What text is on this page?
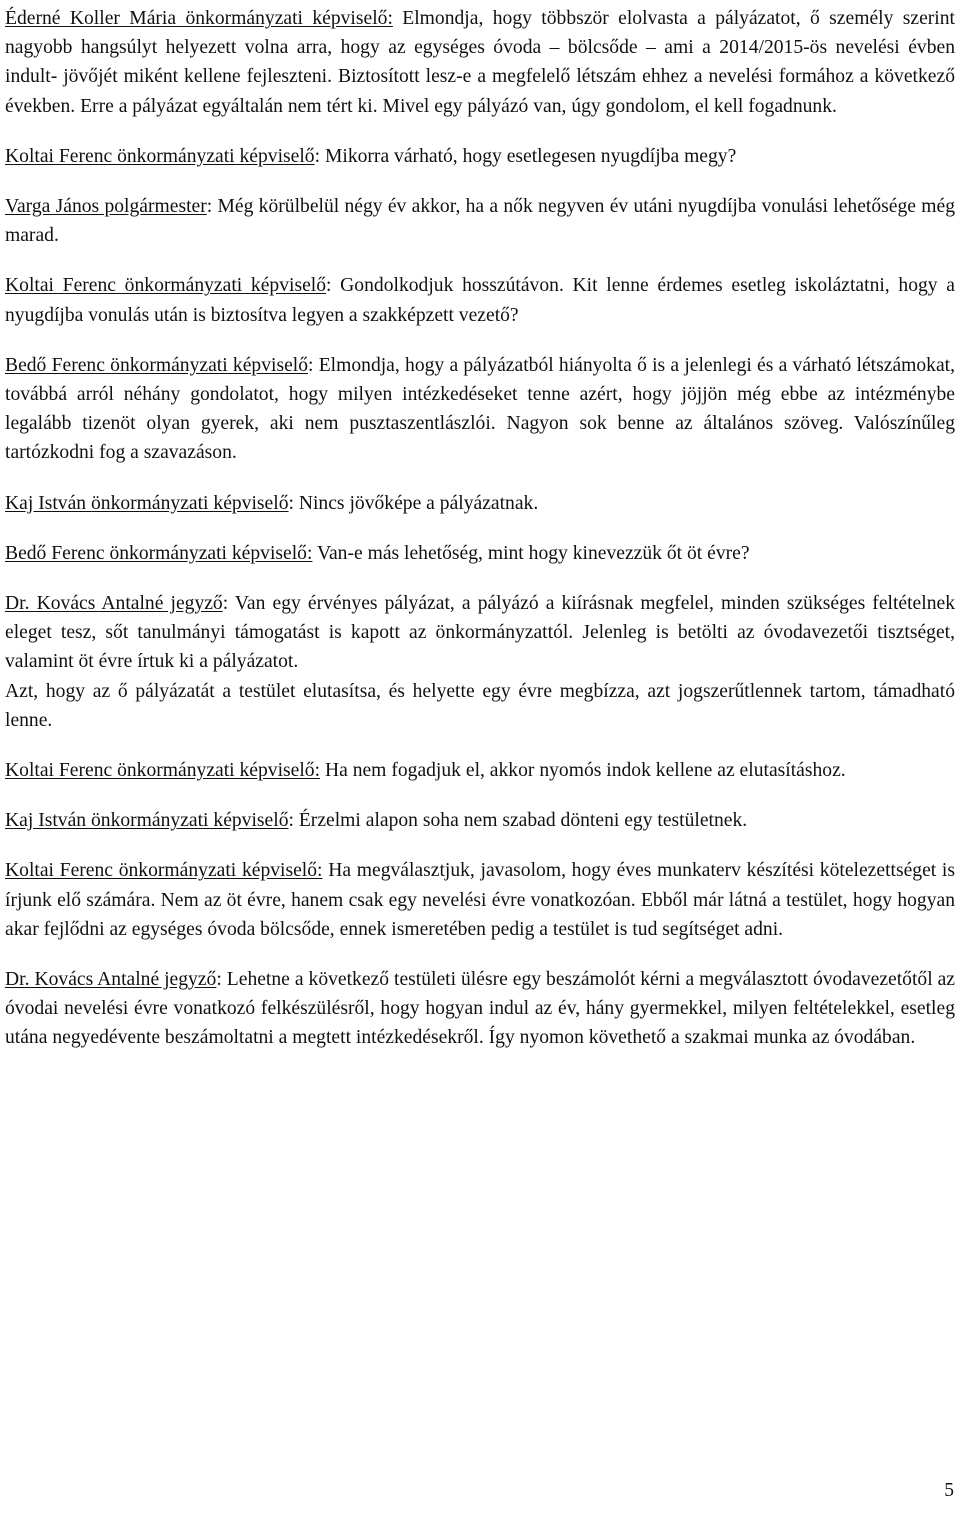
Éderné Koller Mária önkormányzati képviselő: Elmondja, hogy többször elolvasta a pályázatot, ő személy szerint nagyobb hangsúlyt helyezett volna arra, hogy az egységes óvoda – bölcsőde – ami a 2014/2015-ös nevelési évben indult- jövőjét miként kellene fejleszteni. Biztosított lesz-e a megfelelő létszám ehhez a nevelési formához a következő években. Erre a pályázat egyáltalán nem tért ki. Mivel egy pályázó van, úgy gondolom, el kell fogadnunk.

Koltai Ferenc önkormányzati képviselő: Mikorra várható, hogy esetlegesen nyugdíjba megy?

Varga János polgármester: Még körülbelül négy év akkor, ha a nők negyven év utáni nyugdíjba vonulási lehetősége még marad.

Koltai Ferenc önkormányzati képviselő: Gondolkodjuk hosszútávon. Kit lenne érdemes esetleg iskoláztatni, hogy a nyugdíjba vonulás után is biztosítva legyen a szakképzett vezető?

Bedő Ferenc önkormányzati képviselő: Elmondja, hogy a pályázatból hiányolta ő is a jelenlegi és a várható létszámokat, továbbá arról néhány gondolatot, hogy milyen intézkedéseket tenne azért, hogy jöjjön még ebbe az intézménybe legalább tizenöt olyan gyerek, aki nem pusztaszentlászlói. Nagyon sok benne az általános szöveg. Valószínűleg tartózkodni fog a szavazáson.

Kaj István önkormányzati képviselő: Nincs jövőképe a pályázatnak.

Bedő Ferenc önkormányzati képviselő: Van-e más lehetőség, mint hogy kinevezzük őt öt évre?

Dr. Kovács Antalné jegyző: Van egy érvényes pályázat, a pályázó a kiírásnak megfelel, minden szükséges feltételnek eleget tesz, sőt tanulmányi támogatást is kapott az önkormányzattól. Jelenleg is betölti az óvodavezetői tisztséget, valamint öt évre írtuk ki a pályázatot.

Azt, hogy az ő pályázatát a testület elutasítsa, és helyette egy évre megbízza, azt jogszerűtlennek tartom, támadható lenne.

Koltai Ferenc önkormányzati képviselő: Ha nem fogadjuk el, akkor nyomós indok kellene az elutasításhoz.

Kaj István önkormányzati képviselő: Érzelmi alapon soha nem szabad dönteni egy testületnek.

Koltai Ferenc önkormányzati képviselő: Ha megválasztjuk, javasolom, hogy éves munkaterv készítési kötelezettséget is írjunk elő számára. Nem az öt évre, hanem csak egy nevelési évre vonatkozóan. Ebből már látná a testület, hogy hogyan akar fejlődni az egységes óvoda bölcsőde, ennek ismeretében pedig a testület is tud segítséget adni.

Dr. Kovács Antalné jegyző: Lehetne a következő testületi ülésre egy beszámolót kérni a megválasztott óvodavezetőtől az óvodai nevelési évre vonatkozó felkészülésről, hogy hogyan indul az év, hány gyermekkel, milyen feltételekkel, esetleg utána negyedévente beszámoltatni a megtett intézkedésekről. Így nyomon követhető a szakmai munka az óvodában.

5
